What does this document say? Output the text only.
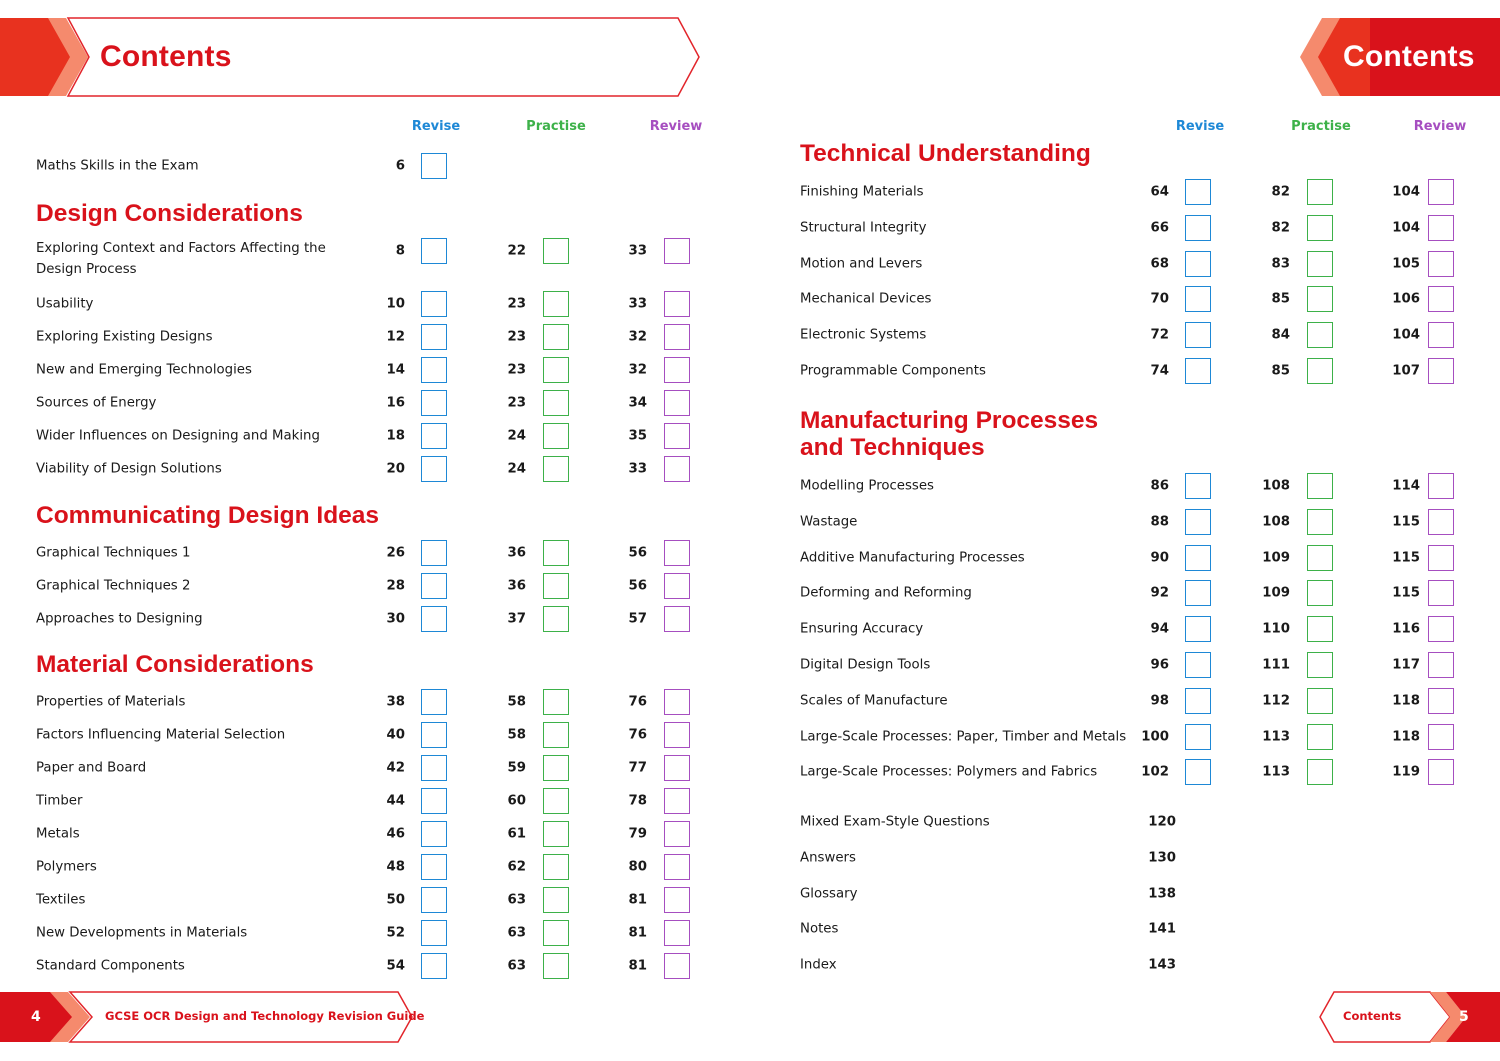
Contents	Contents
Revise	Practise	Review	Revise	Practise	Review
Maths Skills in the Exam	6
Design Considerations
Exploring Context and Factors Affecting the
Design Process
8	22	33
Usability	10	23	33
Exploring Existing Designs	12	23	32
New and Emerging Technologies	14	23	32
Sources of Energy	16	23	34
Wider Influences on Designing and Making	18	24	35
Viability of Design Solutions	20	24	33
Communicating Design Ideas
Graphical Techniques 1	26	36	56
Graphical Techniques 2	28	36	56
Approaches to Designing	30	37	57
Material Considerations
Properties of Materials	38	58	76
Factors Influencing Material Selection	40	58	76
Paper and Board	42	59	77
Timber	44	60	78
Metals	46	61	79
Polymers	48	62	80
Textiles	50	63	81
New Developments in Materials	52	63	81
Standard Components	54	63	81
Technical Understanding
Finishing Materials	64	82	104
Structural Integrity	66	82	104
Motion and Levers	68	83	105
Mechanical Devices	70	85	106
Electronic Systems	72	84	104
Programmable Components	74	85	107
Manufacturing Processes
and Techniques
Modelling Processes	86	108	114
Wastage	88	108	115
Additive Manufacturing Processes	90	109	115
Deforming and Reforming	92	109	115
Ensuring Accuracy	94	110	116
Digital Design Tools	96	111	117
Scales of Manufacture	98	112	118
Large-Scale Processes: Paper, Timber and Metals	100	113	118
Large-Scale Processes: Polymers and Fabrics	102	113	119
Mixed Exam-Style Questions	120
Answers	130
Glossary	138
Notes	141
Index	143
4	GCSE OCR Design and Technology Revision Guide	Contents	5
